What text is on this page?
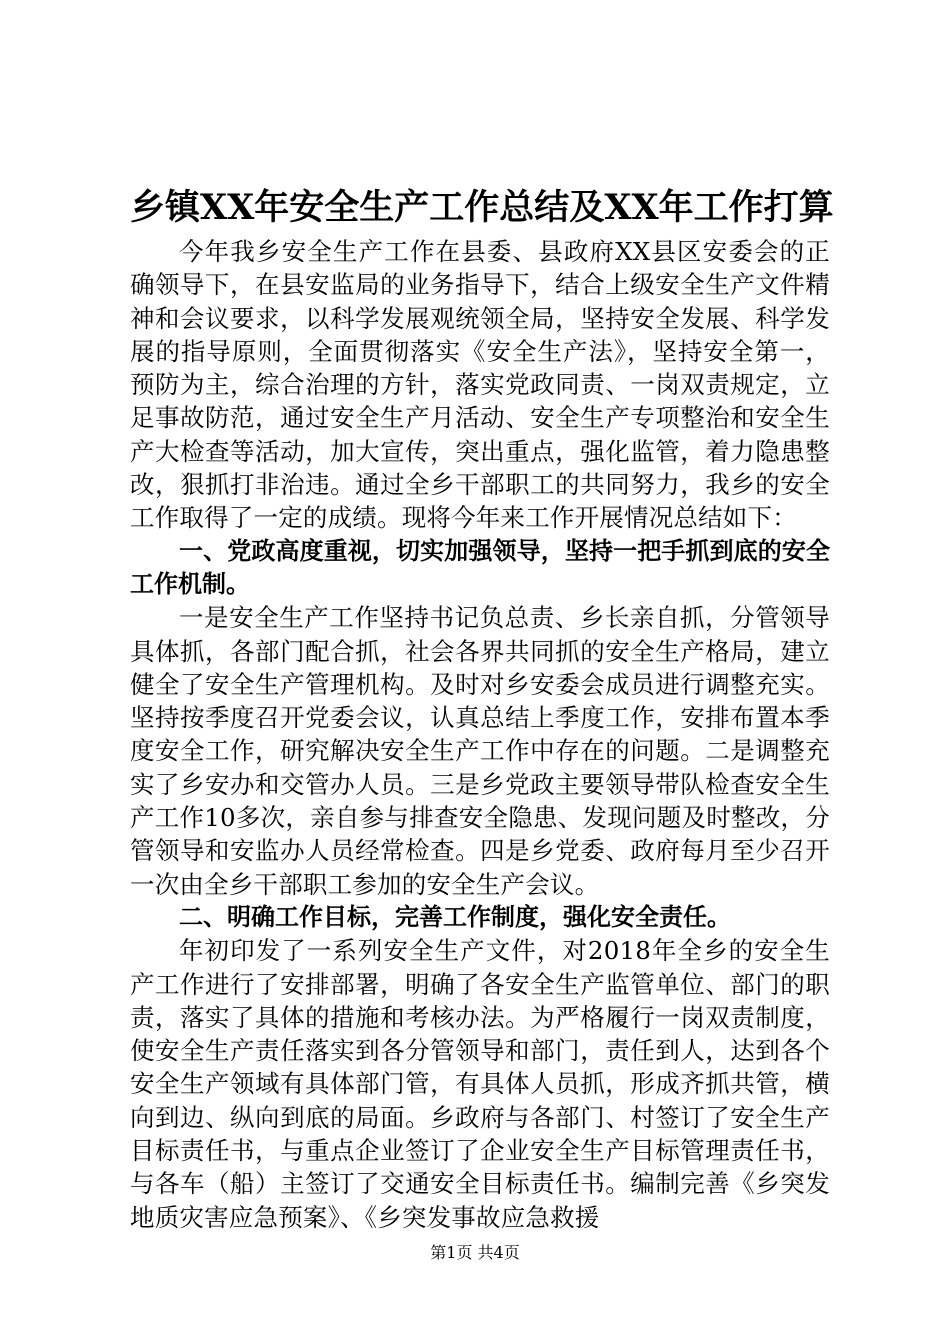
乡镇XX年安全生产工作总结及XX年工作打算

今年我乡安全生产工作在县委、县政府XX县区安委会的正确领导下，在县安监局的业务指导下，结合上级安全生产文件精神和会议要求，以科学发展观统领全局，坚持安全发展、科学发展的指导原则，全面贯彻落实《安全生产法》，坚持安全第一，预防为主，综合治理的方针，落实党政同责、一岗双责规定，立足事故防范，通过安全生产月活动、安全生产专项整治和安全生产大检查等活动，加大宣传，突出重点，强化监管，着力隐患整改，狠抓打非治违。通过全乡干部职工的共同努力，我乡的安全工作取得了一定的成绩。现将今年来工作开展情况总结如下：

一、党政高度重视，切实加强领导，坚持一把手抓到底的安全工作机制。

一是安全生产工作坚持书记负总责、乡长亲自抓，分管领导具体抓，各部门配合抓，社会各界共同抓的安全生产格局，建立健全了安全生产管理机构。及时对乡安委会成员进行调整充实。坚持按季度召开党委会议，认真总结上季度工作，安排布置本季度安全工作，研究解决安全生产工作中存在的问题。二是调整充实了乡安办和交管办人员。三是乡党政主要领导带队检查安全生产工作10多次，亲自参与排查安全隐患、发现问题及时整改，分管领导和安监办人员经常检查。四是乡党委、政府每月至少召开一次由全乡干部职工参加的安全生产会议。

二、明确工作目标，完善工作制度，强化安全责任。

年初印发了一系列安全生产文件，对2018年全乡的安全生产工作进行了安排部署，明确了各安全生产监管单位、部门的职责，落实了具体的措施和考核办法。为严格履行一岗双责制度，使安全生产责任落实到各分管领导和部门，责任到人，达到各个安全生产领域有具体部门管，有具体人员抓，形成齐抓共管，横向到边、纵向到底的局面。乡政府与各部门、村签订了安全生产目标责任书，与重点企业签订了企业安全生产目标管理责任书，与各车（船）主签订了交通安全目标责任书。编制完善《乡突发地质灾害应急预案》、《乡突发事故应急救援

第1页 共4页
